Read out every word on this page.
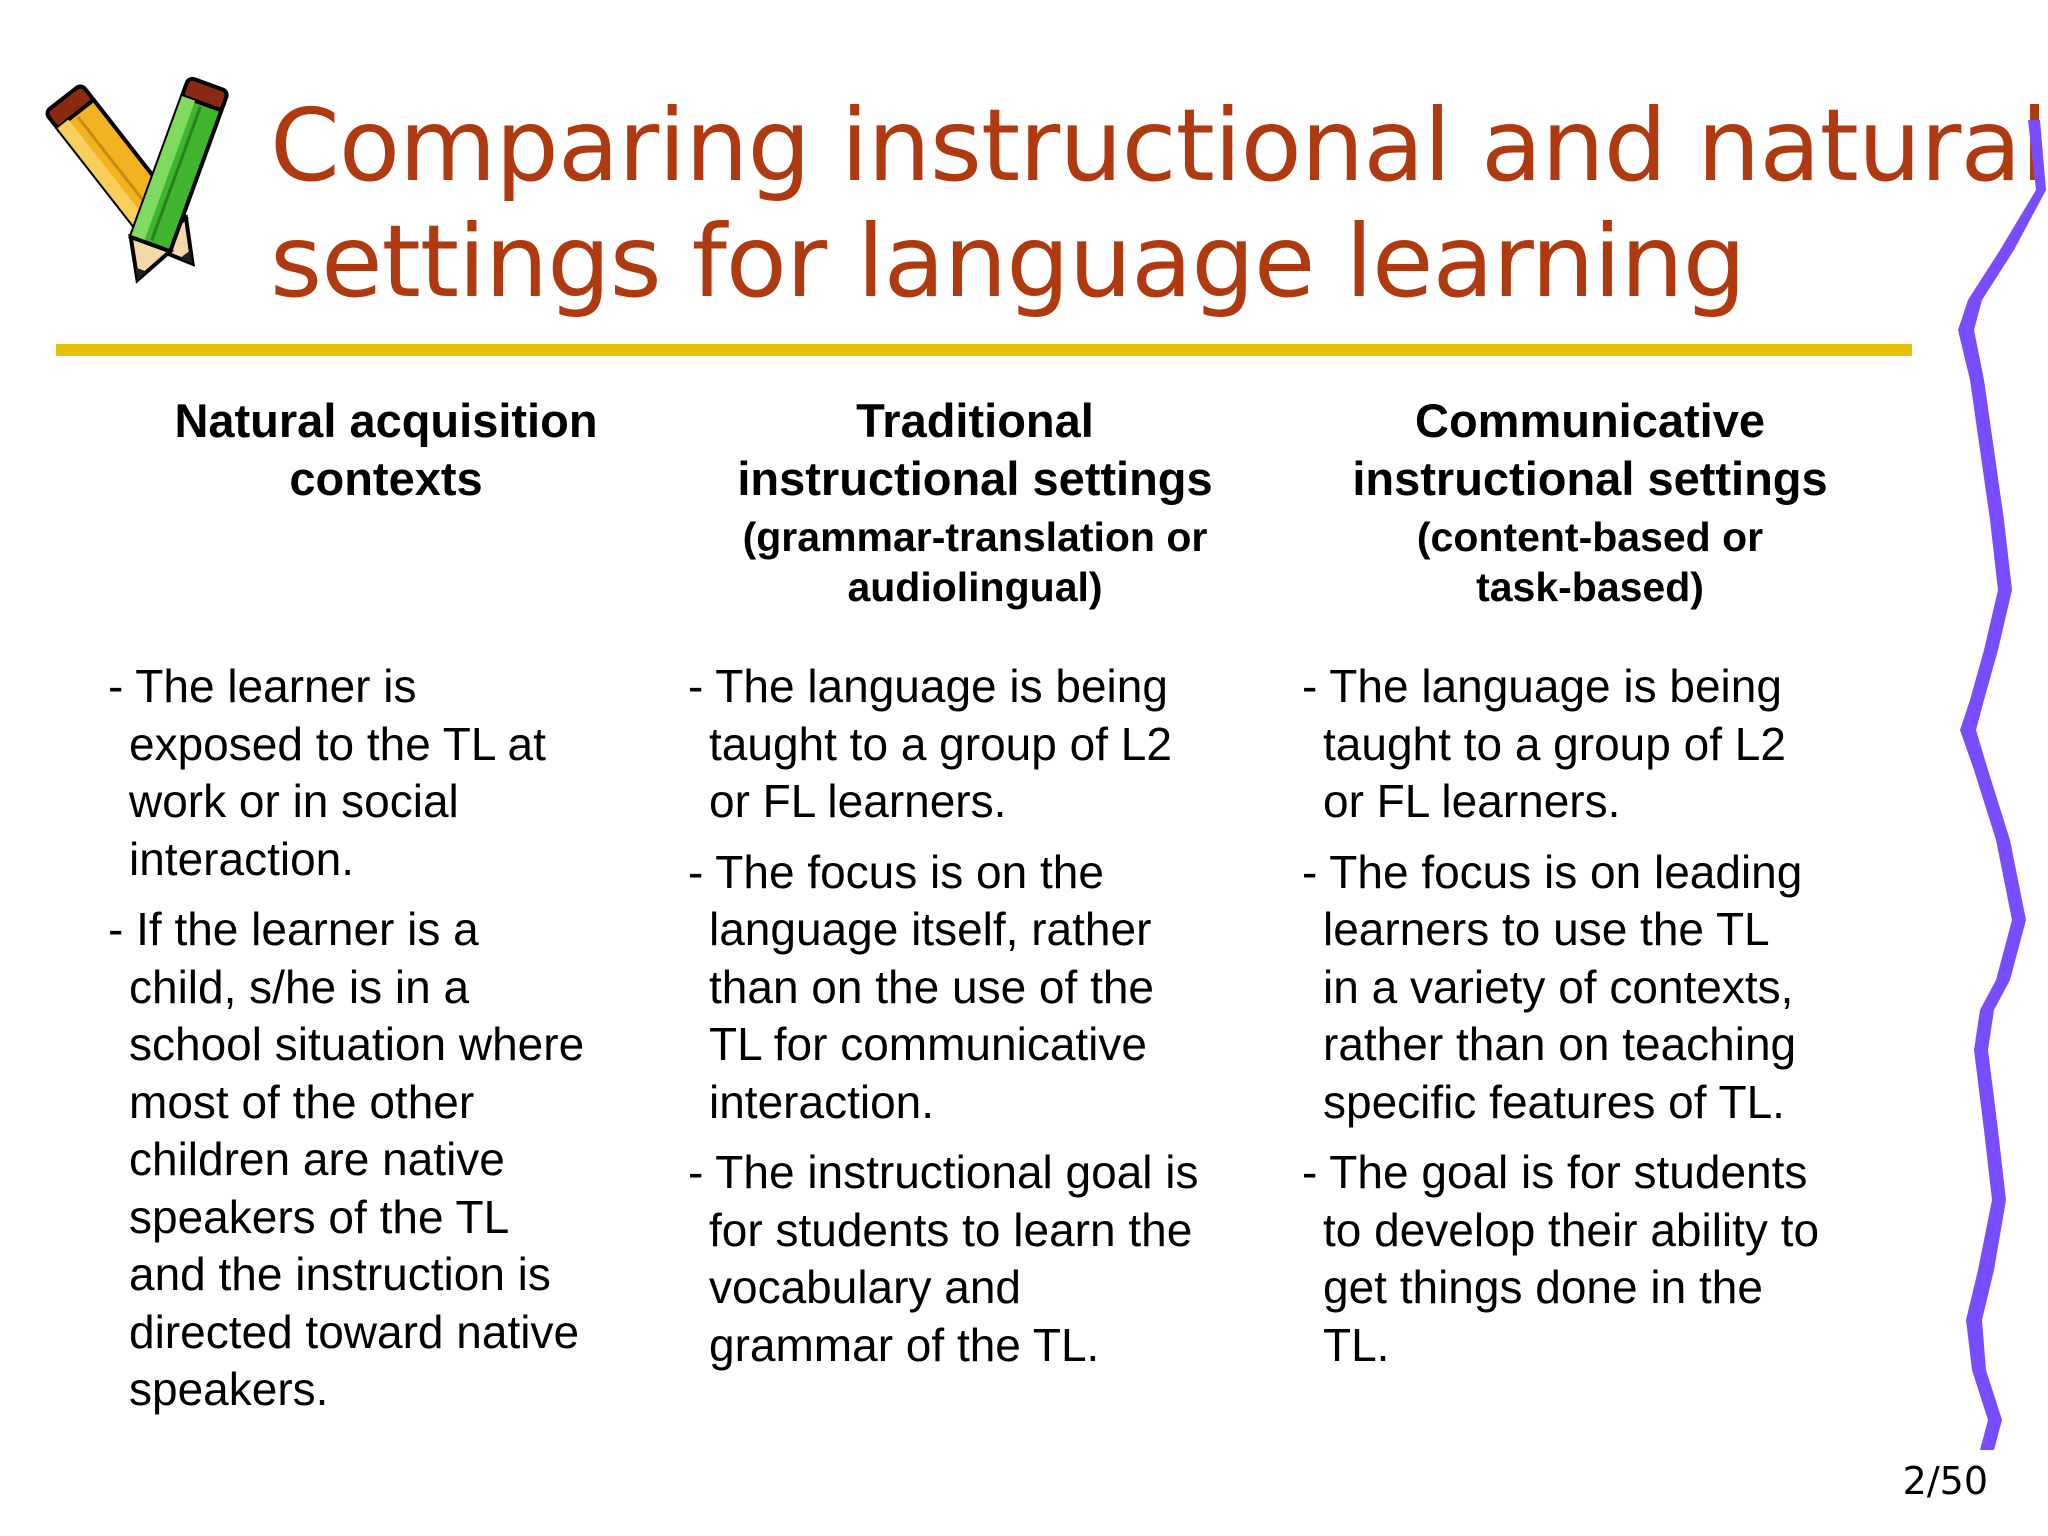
Comparing instructional and natural
settings for language learning
Natural acquisition
contexts
- The learner is
exposed to the TL at
work or in social
interaction.
- If the learner is a
child, s/he is in a
school situation where
most of the other
children are native
speakers of the TL
and the instruction is
directed toward native
speakers.
Traditional
instructional settings
(grammar-translation or
audiolingual)
- The language is being
taught to a group of L2
or FL learners.
- The focus is on the
language itself, rather
than on the use of the
TL for communicative
interaction.
- The instructional goal is
for students to learn the
vocabulary and
grammar of the TL.
Communicative
instructional settings
(content-based or
task-based)
- The language is being
taught to a group of L2
or FL learners.
- The focus is on leading
learners to use the TL
in a variety of contexts,
rather than on teaching
specific features of TL.
- The goal is for students
to develop their ability to
get things done in the
TL.
2/50
